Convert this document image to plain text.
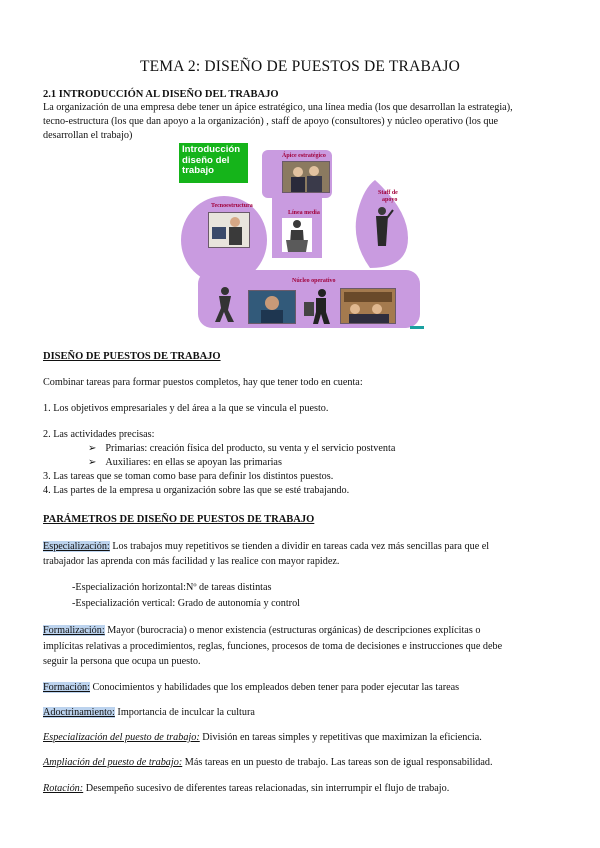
TEMA 2: DISEÑO DE PUESTOS DE TRABAJO
2.1 INTRODUCCIÓN AL DISEÑO DEL TRABAJO
La organización de una empresa debe tener un ápice estratégico, una línea media (los que desarrollan la estrategia),
tecno-estructura (los que dan apoyo a la organización) , staff de apoyo (consultores) y núcleo operativo (los que
desarrollan el trabajo)
Introducción
diseño del
trabajo
Ápice estratégico
Tecnoestructura
Línea media
Staff de
apoyo
Núcleo operativo
DISEÑO DE PUESTOS DE TRABAJO
Combinar tareas para formar puestos completos, hay que tener todo en cuenta:
1. Los objetivos empresariales y del área a la que se vincula el puesto.
2. Las actividades precisas:
➢ Primarias: creación física del producto, su venta y el servicio postventa
➢ Auxiliares: en ellas se apoyan las primarias
3. Las tareas que se toman como base para definir los distintos puestos.
4. Las partes de la empresa u organización sobre las que se esté trabajando.
PARÁMETROS DE DISEÑO DE PUESTOS DE TRABAJO
Especialización: Los trabajos muy repetitivos se tienden a dividir en tareas cada vez más sencillas para que el
trabajador las aprenda con más facilidad y las realice con mayor rapidez.
-Especialización horizontal:Nº de tareas distintas
-Especialización vertical: Grado de autonomía y control
Formalización: Mayor (burocracia) o menor existencia (estructuras orgánicas) de descripciones explícitas o
implícitas relativas a procedimientos, reglas, funciones, procesos de toma de decisiones e instrucciones que debe
seguir la persona que ocupa un puesto.
Formación: Conocimientos y habilidades que los empleados deben tener para poder ejecutar las tareas
Adoctrinamiento: Importancia de inculcar la cultura
Especialización del puesto de trabajo: División en tareas simples y repetitivas que maximizan la eficiencia.
Ampliación del puesto de trabajo: Más tareas en un puesto de trabajo. Las tareas son de igual responsabilidad.
Rotación: Desempeño sucesivo de diferentes tareas relacionadas, sin interrumpir el flujo de trabajo.
